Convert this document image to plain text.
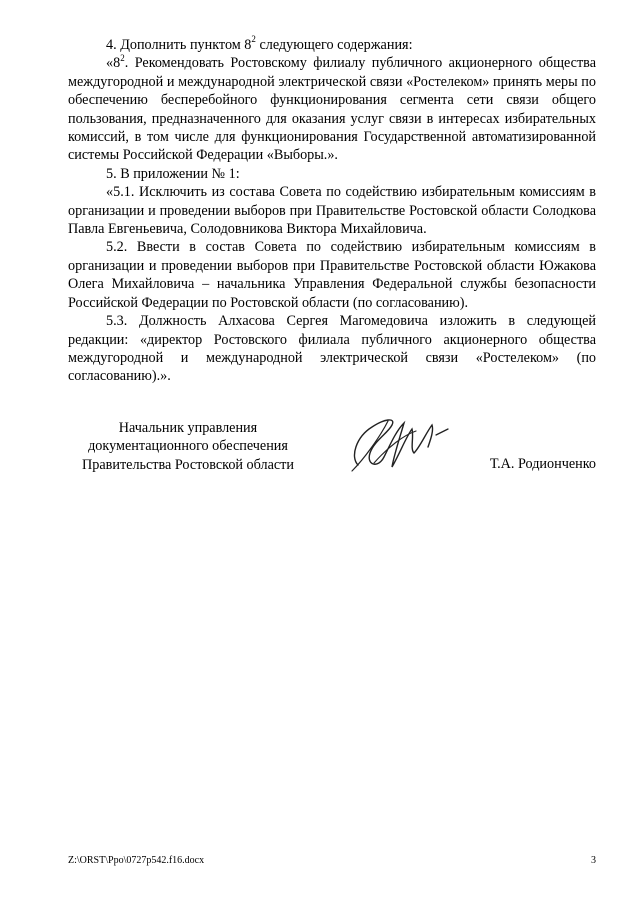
4. Дополнить пунктом $8^2$ следующего содержания:

«$8^2$. Рекомендовать Ростовскому филиалу публичного акционерного общества междугородной и международной электрической связи «Ростелеком» принять меры по обеспечению бесперебойного функционирования сегмента сети связи общего пользования, предназначенного для оказания услуг связи в интересах избирательных комиссий, в том числе для функционирования Государственной автоматизированной системы Российской Федерации «Выборы.».

5. В приложении № 1:

«5.1. Исключить из состава Совета по содействию избирательным комиссиям в организации и проведении выборов при Правительстве Ростовской области Солодкова Павла Евгеньевича, Солодовникова Виктора Михайловича.

5.2. Ввести в состав Совета по содействию избирательным комиссиям в организации и проведении выборов при Правительстве Ростовской области Южакова Олега Михайловича – начальника Управления Федеральной службы безопасности Российской Федерации по Ростовской области (по согласованию).

5.3. Должность Алхасова Сергея Магомедовича изложить в следующей редакции: «директор Ростовского филиала публичного акционерного общества междугородной и международной электрической связи «Ростелеком» (по согласованию).».

Начальник управления
документационного обеспечения
Правительства Ростовской области	Т.А. Родионченко
Z:\ORST\Ppo\0727p542.f16.docx	3
